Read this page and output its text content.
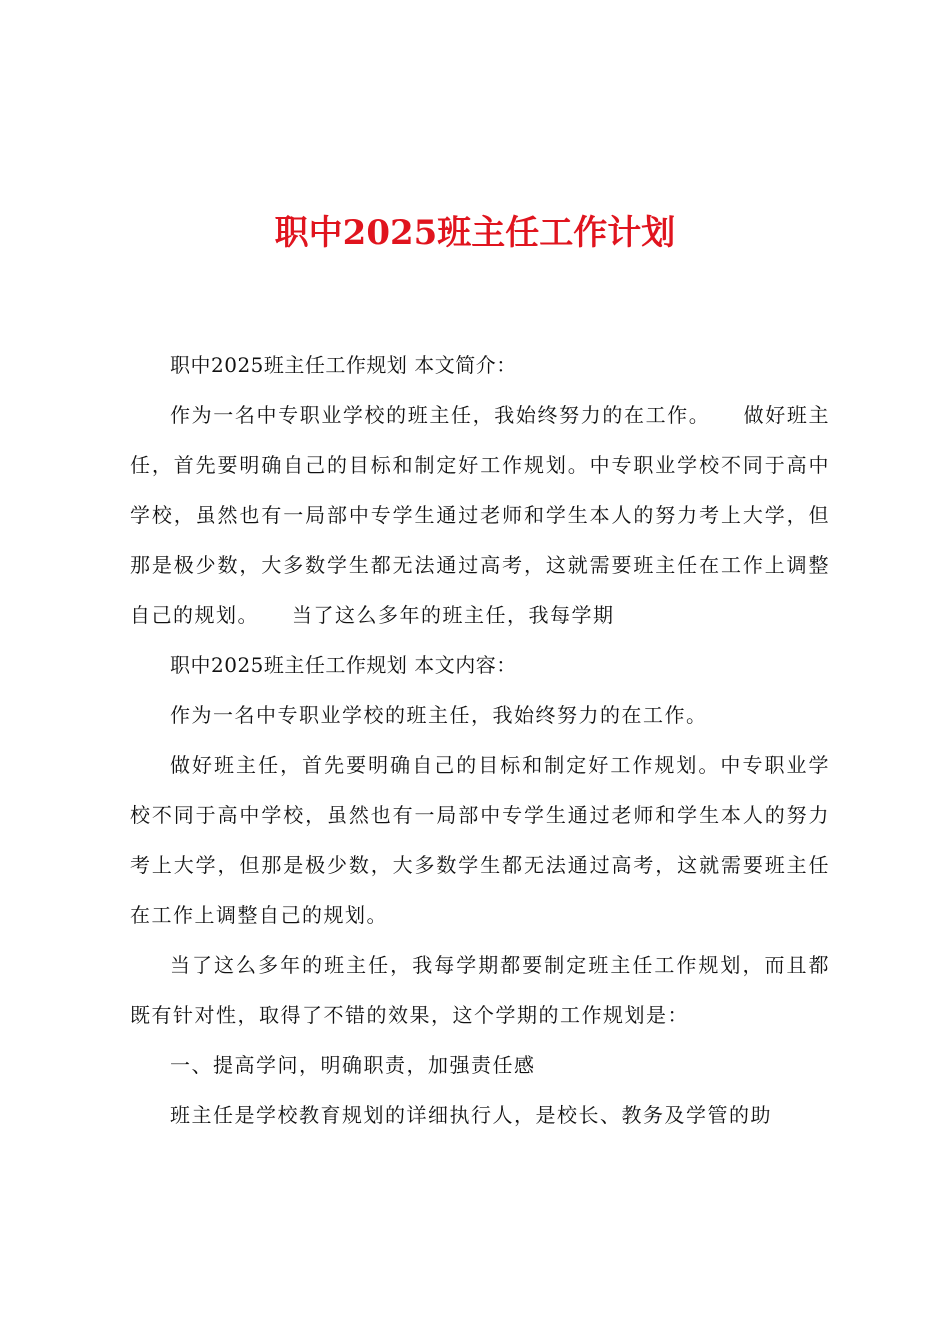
职中2025班主任工作计划

职中2025班主任工作规划 本文简介：

作为一名中专职业学校的班主任，我始终努力的在工作。　　做好班主任，首先要明确自己的目标和制定好工作规划。中专职业学校不同于高中学校，虽然也有一局部中专学生通过老师和学生本人的努力考上大学，但那是极少数，大多数学生都无法通过高考，这就需要班主任在工作上调整自己的规划。　　当了这么多年的班主任，我每学期

职中2025班主任工作规划 本文内容：

作为一名中专职业学校的班主任，我始终努力的在工作。

做好班主任，首先要明确自己的目标和制定好工作规划。中专职业学校不同于高中学校，虽然也有一局部中专学生通过老师和学生本人的努力考上大学，但那是极少数，大多数学生都无法通过高考，这就需要班主任在工作上调整自己的规划。

当了这么多年的班主任，我每学期都要制定班主任工作规划，而且都既有针对性，取得了不错的效果，这个学期的工作规划是：

一、提高学问，明确职责，加强责任感

班主任是学校教育规划的详细执行人，是校长、教务及学管的助
